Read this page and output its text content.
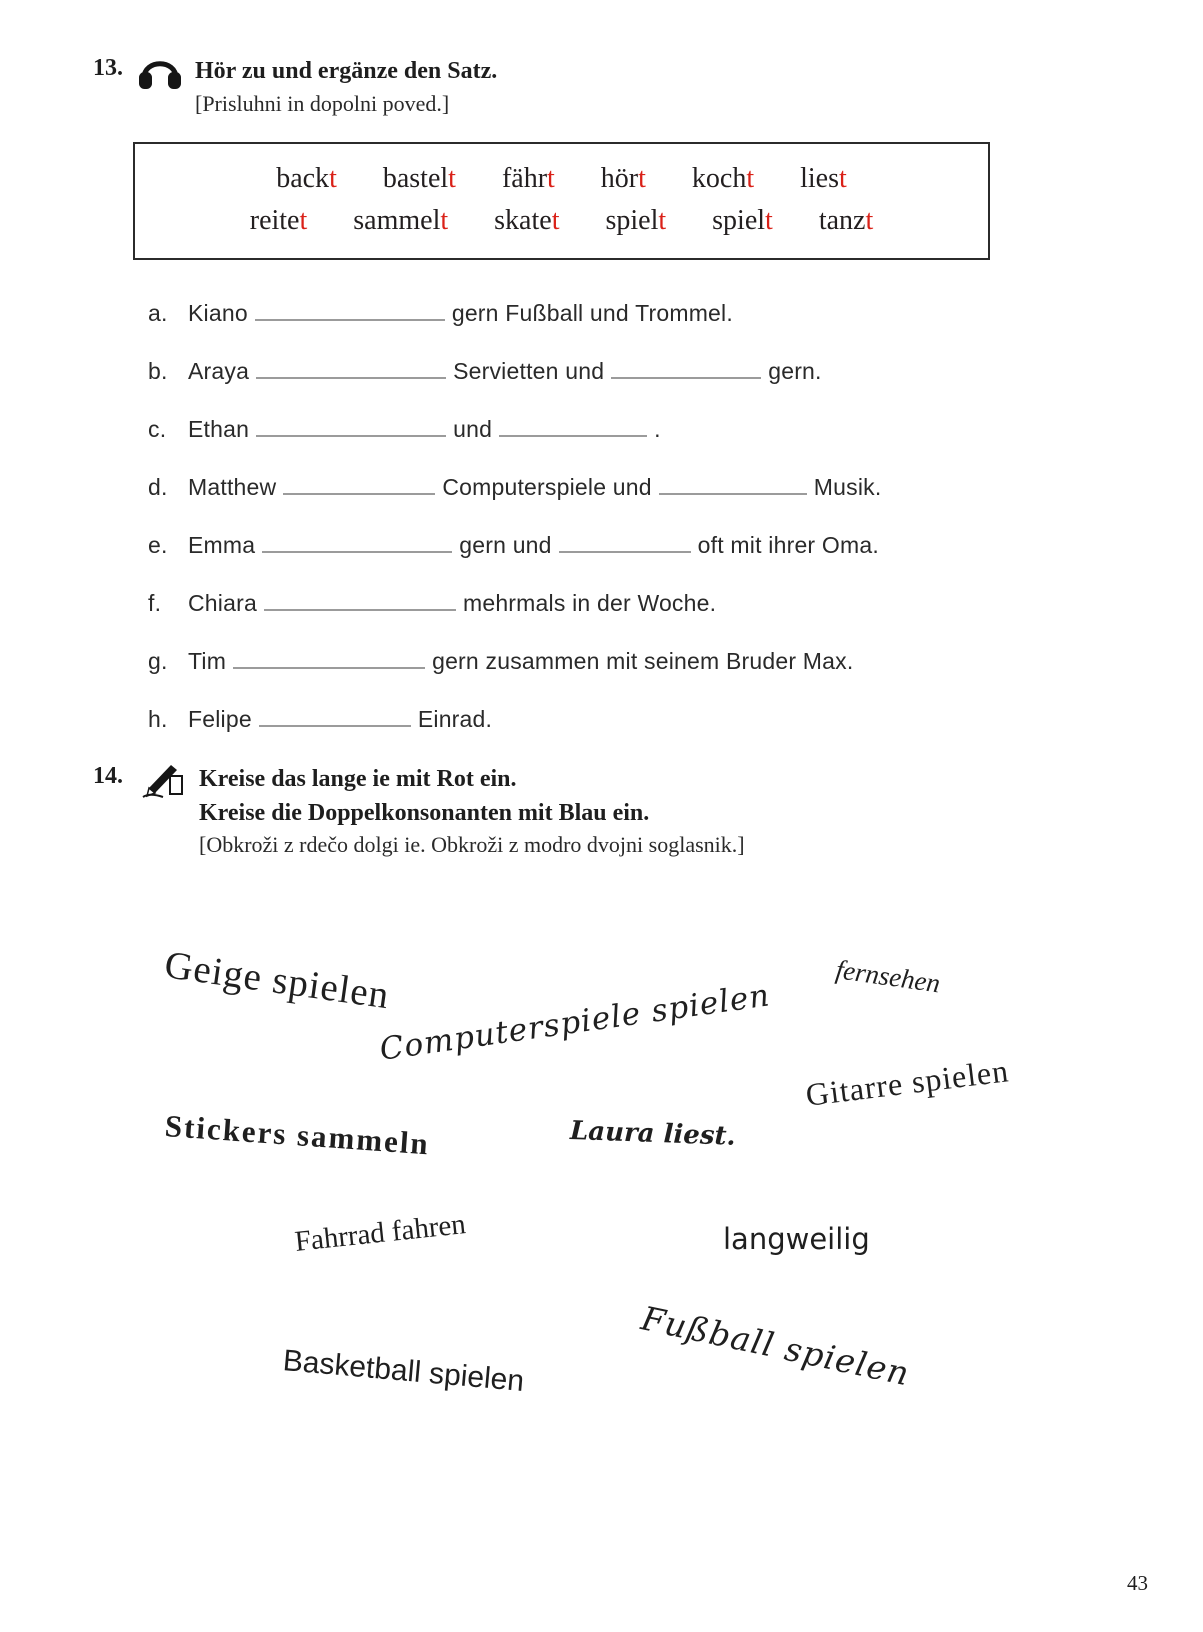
13.	Hör zu und ergänze den Satz.
[Prisluhni in dopolni poved.]
backt bastelt fährt hört kocht liest
reitet sammelt skatet spielt spielt tanzt
a. Kiano	gern Fußball und Trommel.
b. Araya	Servietten und	gern.
c. Ethan	und	.
d. Matthew	Computerspiele und	Musik.
e. Emma	gern und	oft mit ihrer Oma.
f.	Chiara	mehrmals in der Woche.
g. Tim	gern zusammen mit seinem Bruder Max.
h. Felipe	Einrad.
14.	Kreise das lange ie mit Rot ein.
Kreise die Doppelkonsonanten mit Blau ein.
[Obkroži z rdečo dolgi ie. Obkroži z modro dvojni soglasnik.]
Geige spielen	fernsehen
Computerspiele spielen
Gitarre spielen
Stickers sammeln	Laura liest.
Fahrrad fahren	langweilig
Fußball spielen
Basketball spielen
43
